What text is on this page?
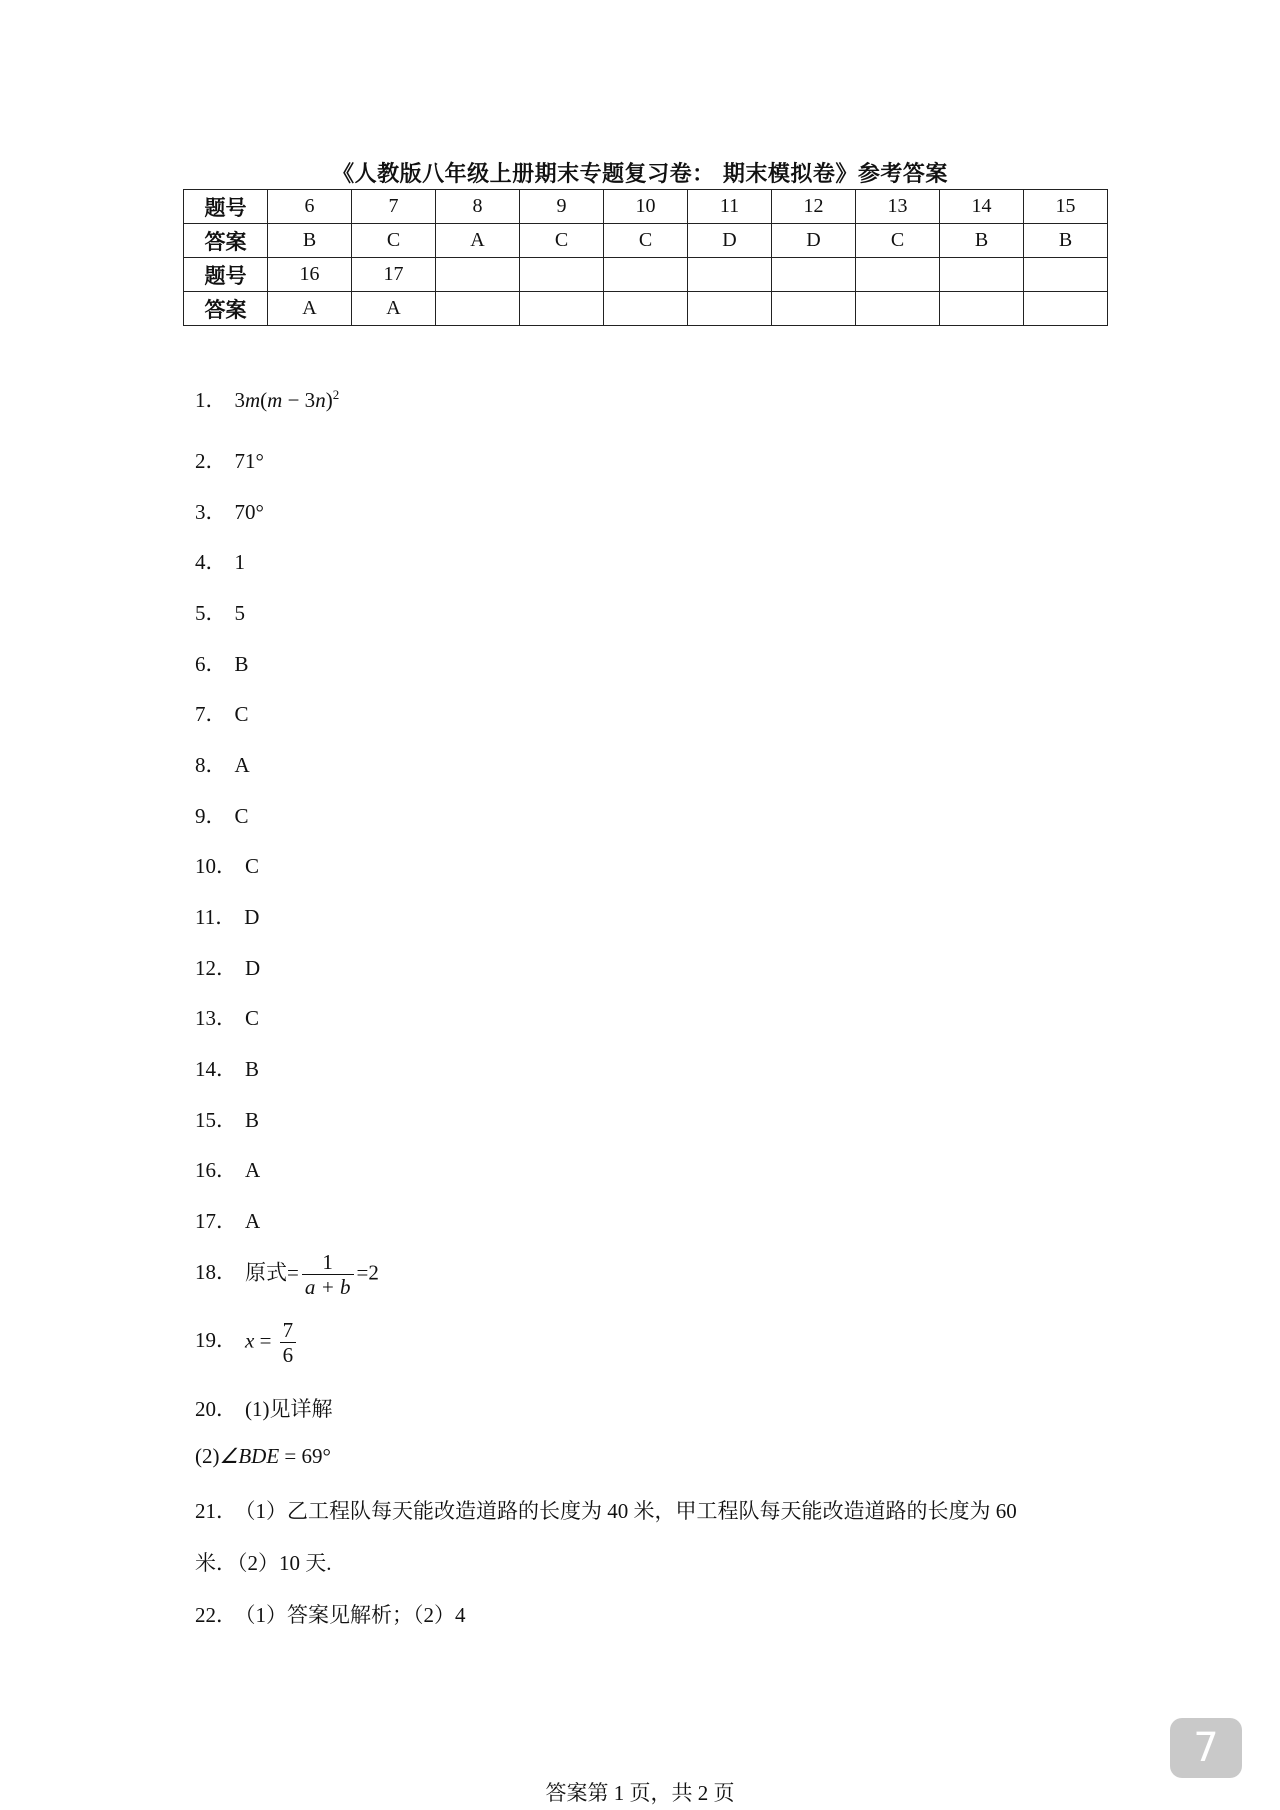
《人教版八年级上册期末专题复习卷： 期末模拟卷》参考答案
题号	6	7	8	9	10	11	12	13	14	15
答案	B	C	A	C	C	D	D	C	B	B
题号	16	17								
答案	A	A								
1． $3m(m - 3n)^2$
2． 71°
3． 70°
4． 1
5． 5
6． B
7． C
8． A
9． C
10． C
11． D
12． D
13． C
14． B
15． B
16． A
17． A
18． 原式= $\frac{1}{a + b} =2$
19． $x = \frac{7}{6}$
20． (1)见详解
(2)∠BDE = 69°
21． （1）乙工程队每天能改造道路的长度为 40 米，甲工程队每天能改造道路的长度为 60
米．（2）10 天.
22． （1）答案见解析；（2）4
7
答案第 1 页，共 2 页
